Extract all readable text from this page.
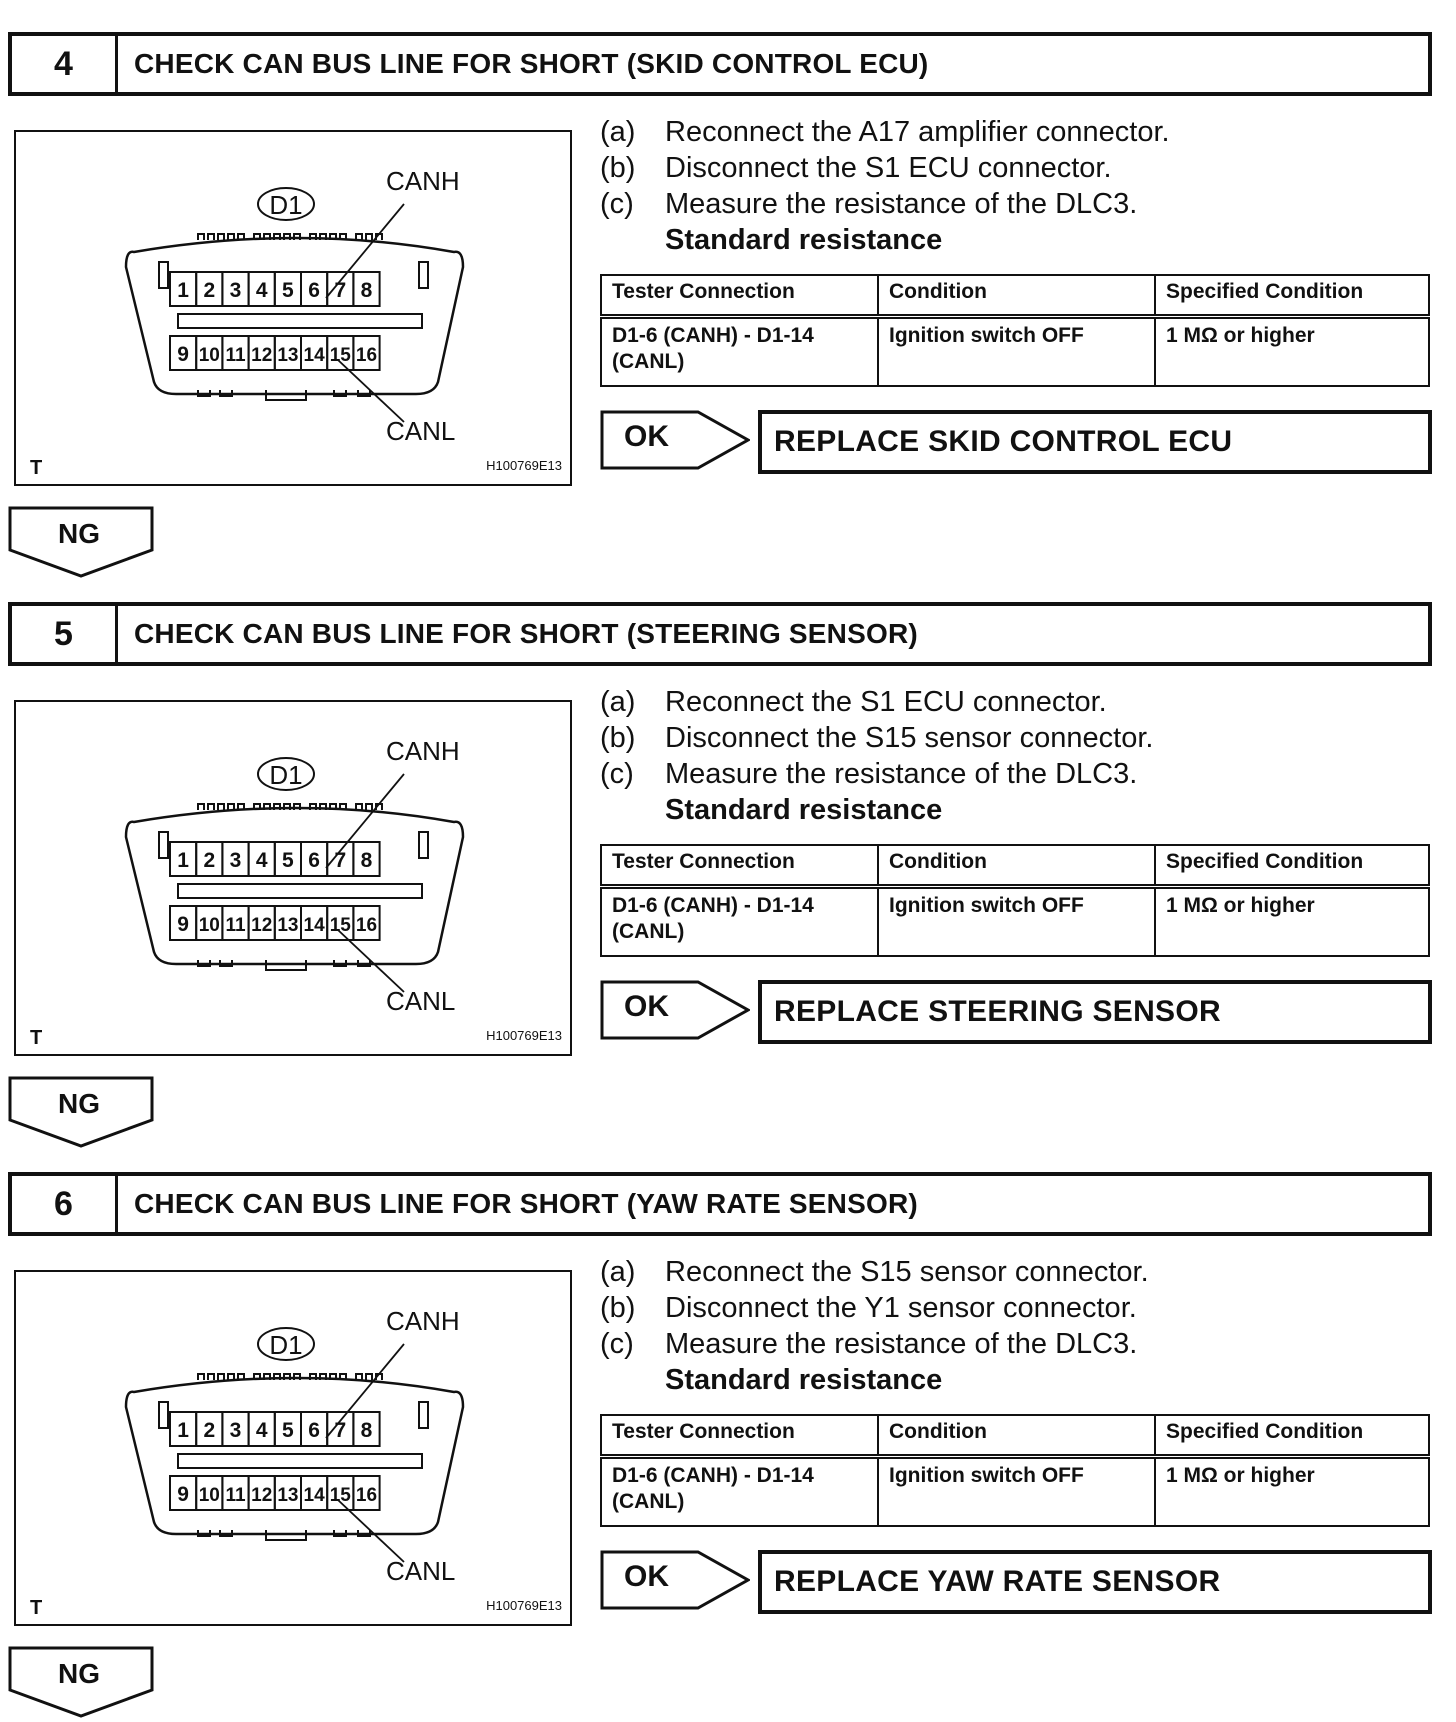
4	CHECK CAN BUS LINE FOR SHORT (SKID CONTROL ECU)
1 2 3 4 5 6 7 8
9 10 11 12 13 14 15 16
D1
CANH
CANL
T	H100769E13
(a)	Reconnect the A17 amplifier connector.
(b)	Disconnect the S1 ECU connector.
(c)	Measure the resistance of the DLC3.
Standard resistance
Tester Connection	Condition	Specified Condition
D1-6 (CANH) - D1-14 (CANL)	Ignition switch OFF	1 MΩ or higher
OK	REPLACE SKID CONTROL ECU
NG
5	CHECK CAN BUS LINE FOR SHORT (STEERING SENSOR)
1 2 3 4 5 6 7 8
9 10 11 12 13 14 15 16
D1
CANH
CANL
T	H100769E13
(a)	Reconnect the S1 ECU connector.
(b)	Disconnect the S15 sensor connector.
(c)	Measure the resistance of the DLC3.
Standard resistance
Tester Connection	Condition	Specified Condition
D1-6 (CANH) - D1-14 (CANL)	Ignition switch OFF	1 MΩ or higher
OK	REPLACE STEERING SENSOR
NG
6	CHECK CAN BUS LINE FOR SHORT (YAW RATE SENSOR)
1 2 3 4 5 6 7 8
9 10 11 12 13 14 15 16
D1
CANH
CANL
T	H100769E13
(a)	Reconnect the S15 sensor connector.
(b)	Disconnect the Y1 sensor connector.
(c)	Measure the resistance of the DLC3.
Standard resistance
Tester Connection	Condition	Specified Condition
D1-6 (CANH) - D1-14 (CANL)	Ignition switch OFF	1 MΩ or higher
OK	REPLACE YAW RATE SENSOR
NG
